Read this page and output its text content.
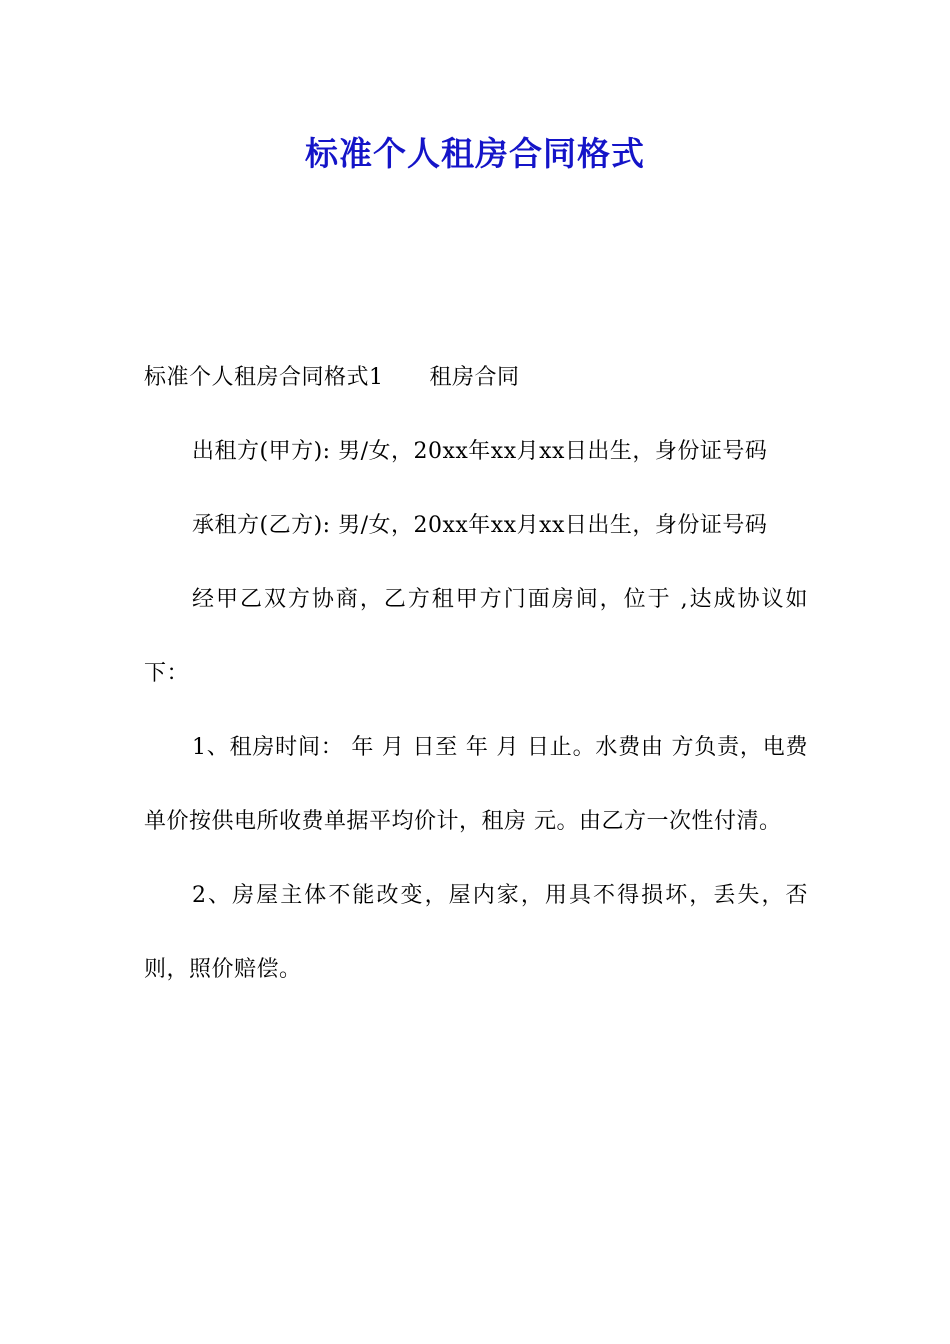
标准个人租房合同格式

标准个人租房合同格式1 租房合同

出租方(甲方): 男/女，20xx年xx月xx日出生，身份证号码

承租方(乙方): 男/女，20xx年xx月xx日出生，身份证号码

经甲乙双方协商，乙方租甲方门面房间，位于 ,达成协议如下：

1、租房时间： 年 月 日至 年 月 日止。水费由 方负责，电费单价按供电所收费单据平均价计，租房 元。由乙方一次性付清。

2、房屋主体不能改变，屋内家，用具不得损坏，丢失，否则，照价赔偿。
